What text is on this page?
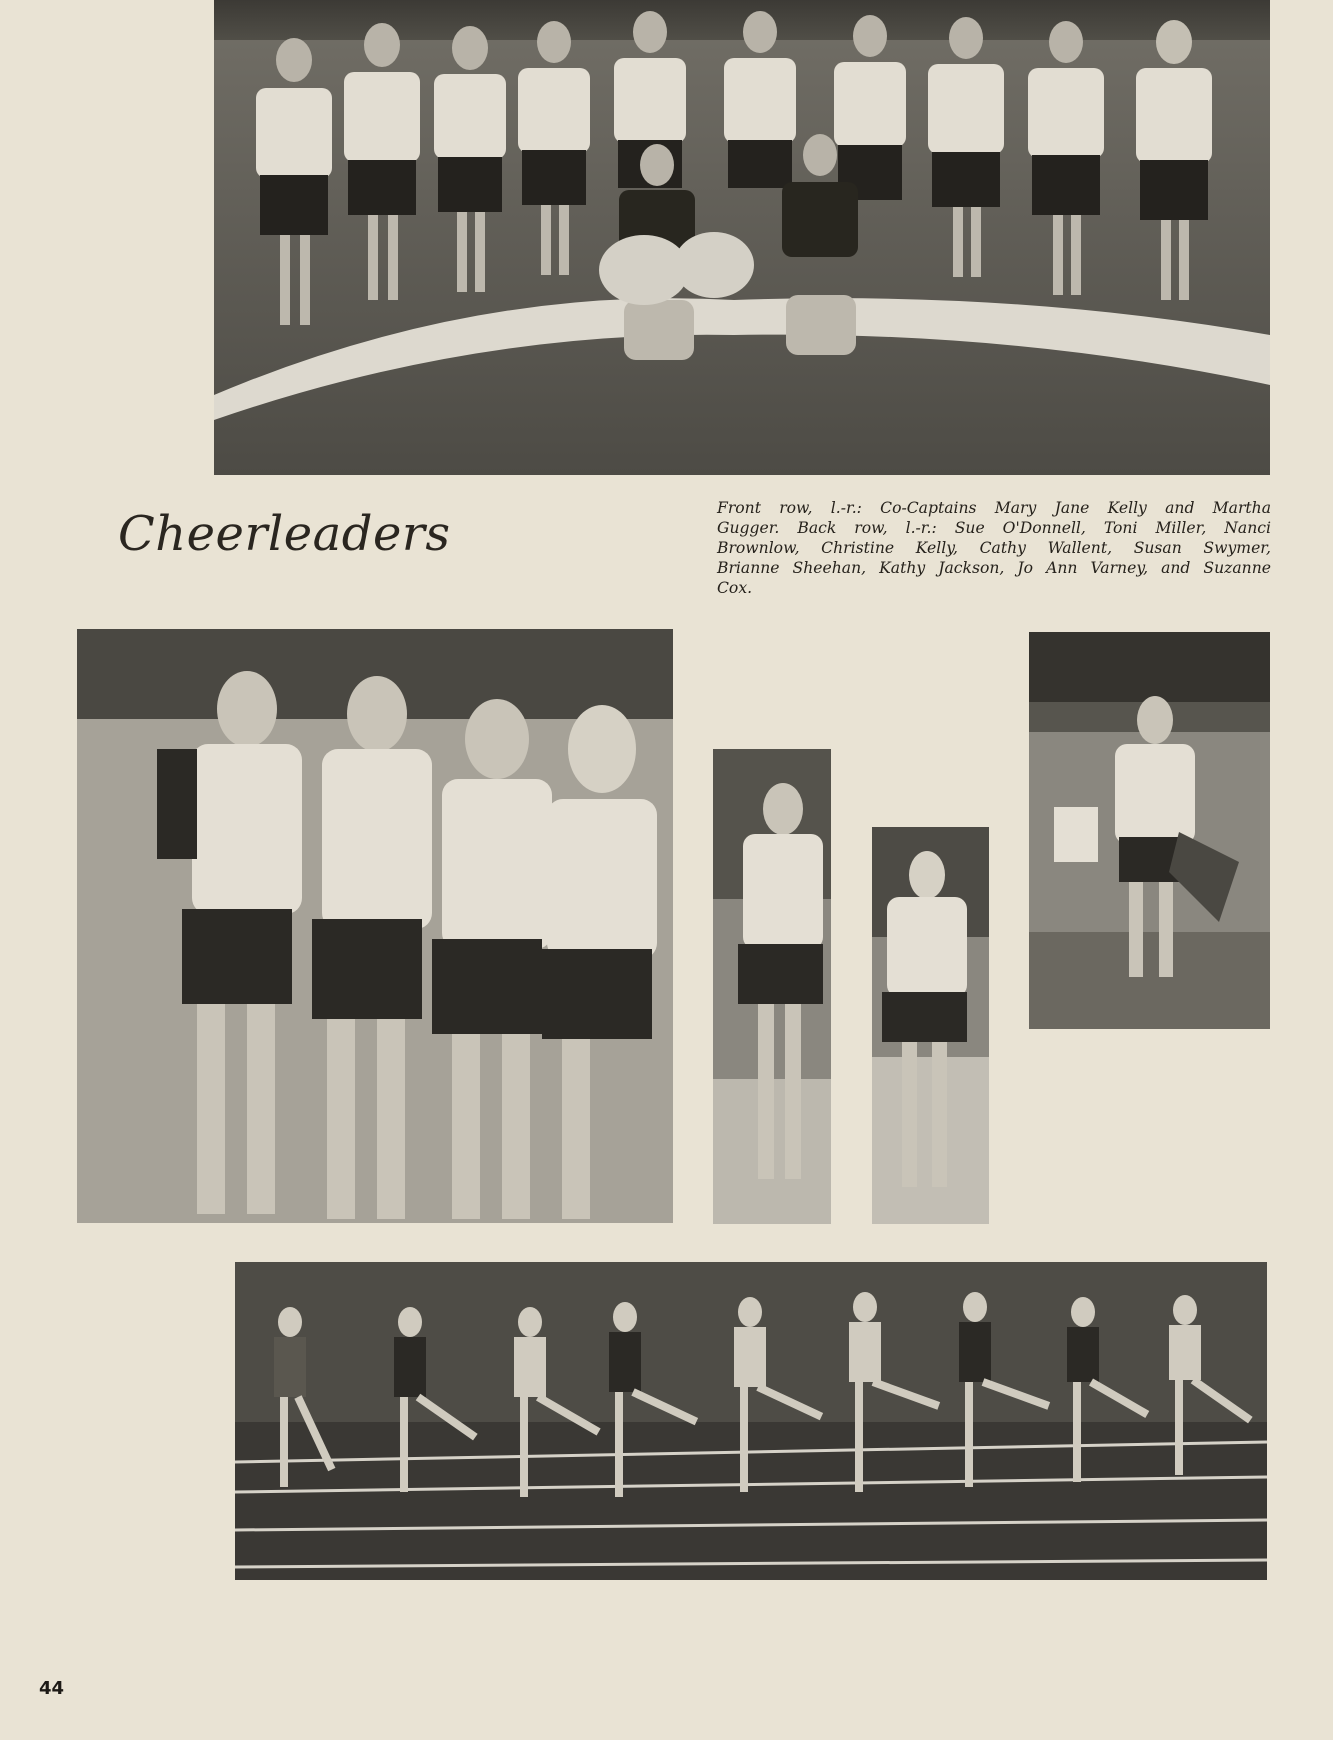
Cheerleaders	Front row, l.-r.: Co-Captains Mary Jane Kelly and Martha
Gugger. Back row, l.-r.: Sue O'Donnell, Toni Miller, Nanci
Brownlow, Christine Kelly, Cathy Wallent, Susan Swymer,
Brianne Sheehan, Kathy Jackson, Jo Ann Varney, and Suzanne
Cox.
44
